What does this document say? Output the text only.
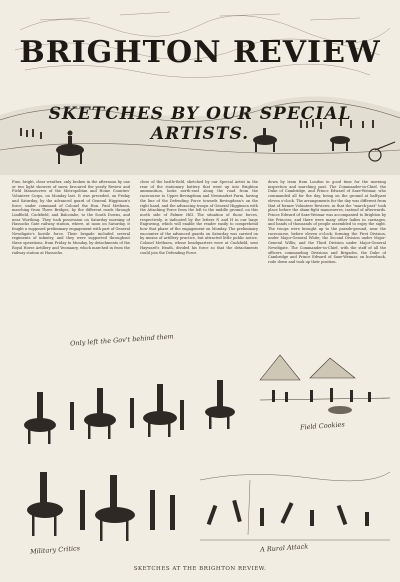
BRIGHTON REVIEW
SKETCHES BY OUR SPECIAL ARTISTS.
Fine, bright, clear weather, only broken in the afternoon by one or two light showers of snow, favoured the yearly Review and Field Manoeuvres of the Metropolitan and Home Counties' Volunteer Corps, on Monday last. It was preceded, on Friday and Saturday, by the advanced guard of General Higginson's force, under command of Colonel the Hon. Paul Methuen, marching from Three Bridges, by the different roads through Lindfield, Cuckfield, and Balcombe, to the South Downs, and near Worthing. They took possession on Saturday morning of Hassocks Gate railway station, where, at noon on Saturday, it fought a supposed preliminary engagement with part of General Newdigate's hostile force. Their brigade included several regiments of infantry, and they were supported throughout these operations, from Friday to Monday, by detachments of the Royal Horse Artillery and Yeomanry, which marched in from the railway station at Hassocks.
close of the battle-field, sketched by our Special Artist in the rear of the stationary battery that went up into Brighton ammunition, looks north-east along the road from the racecourse to Upper Bevingdean and Newmarket Farm, having the line of the Defending Force towards Bevingdean's on the right hand, and the advancing troops of General Higginson with the Attacking Force from the left to the middle ground, on this north side of Falmer Hill. The situation of those forces, respectively, is indicated by the letters N and H in our large Engraving, which will enable the reader easily to comprehend how that phase of the engagement on Monday. The preliminary encounter of the advanced guards on Saturday was carried on by means of artillery practice, but attracted little public notice. Colonel Methuen, whose headquarters were at Cuckfield, sent Hayward's Heath, divided his force so that the detachments could join the Defending Force.
down by train from London in good time for the morning inspection and marching past. The Commander-in-Chief, the Duke of Cambridge, and Prince Edward of Saxe-Weimar, who commanded all for the day, being on the ground at half-past eleven o'clock. The arrangements for the day was different from that of former Volunteer Reviews, in that the "march-past" took place before the sham-fight manoeuvres, instead of afterwards. Prince Edward of Saxe-Weimar was accompanied to Brighton by the Princess, and there were many other ladies in carriages, and bands of thousands of people assembled to enjoy the sight. The troops were brought up to the parade-ground, near the racecourse, before eleven o'clock; forming the First Division, under Major-General White; the Second Division under Major-General Willis; and the Third Division under Major-General Newdigate. The Commander-in-Chief, with the staff of all the officers commanding Divisions and Brigades, the Duke of Cambridge and Prince Edward of Saxe-Weimar, on horseback, rode down and took up their position.
Only left the Gov't behind them
Field Cookies
Military Critics	A Rural Attack
SKETCHES AT THE BRIGHTON REVIEW.
